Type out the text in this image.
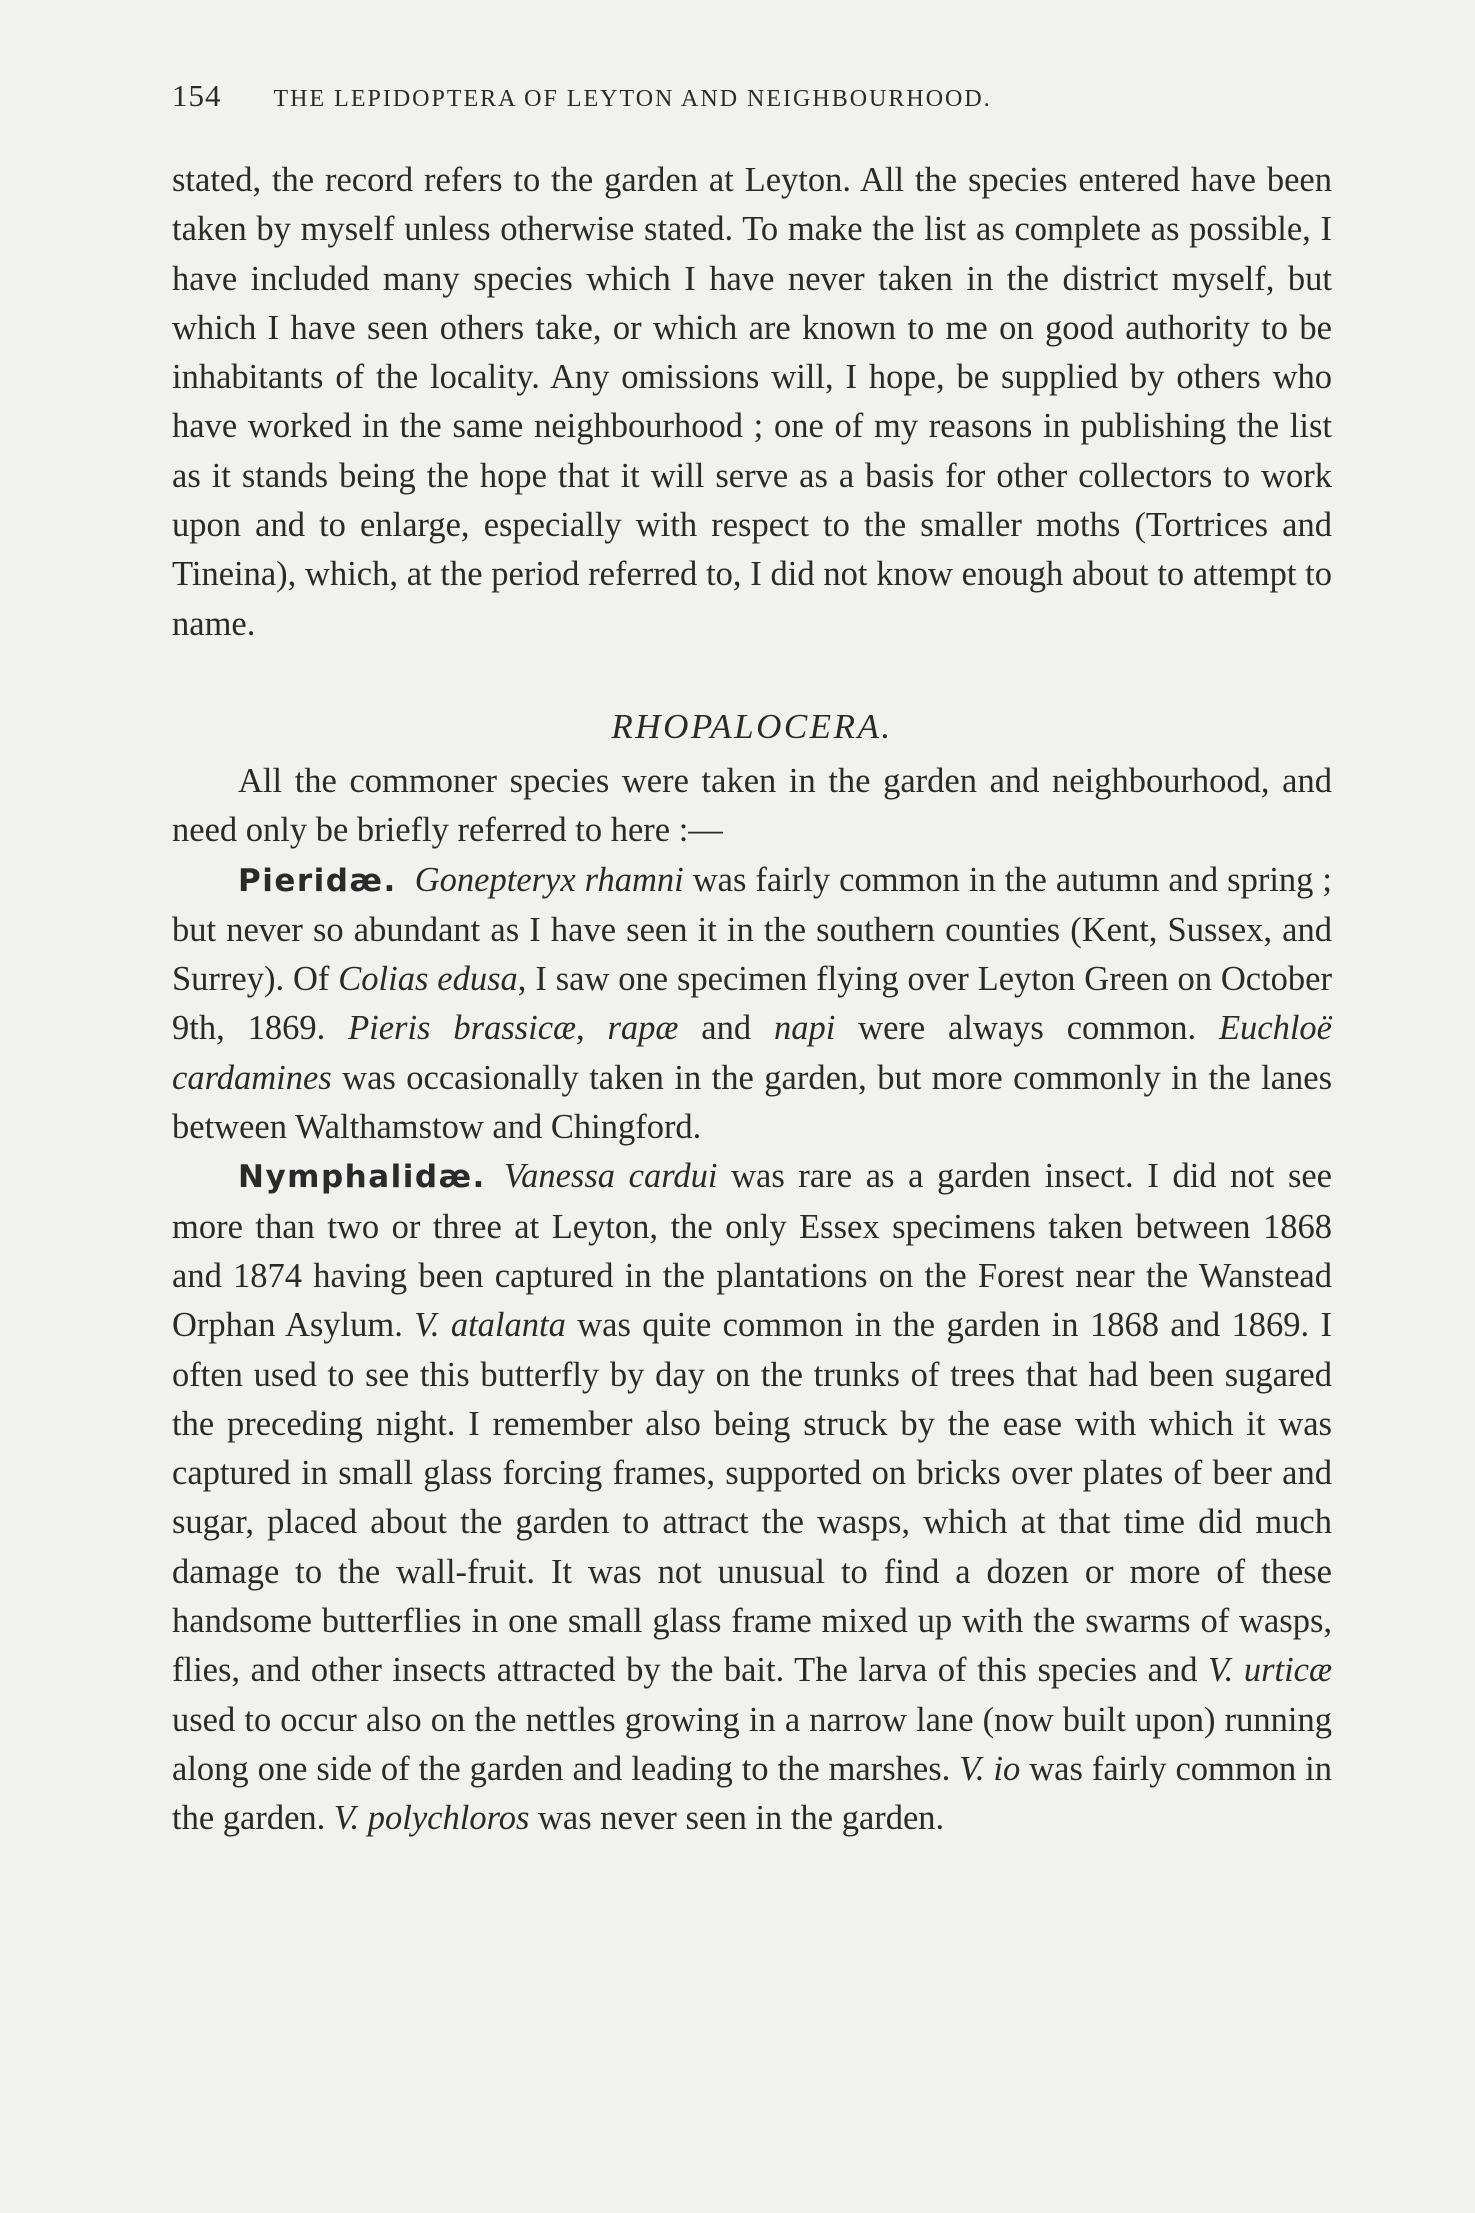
154 THE LEPIDOPTERA OF LEYTON AND NEIGHBOURHOOD.

stated, the record refers to the garden at Leyton. All the species entered have been taken by myself unless otherwise stated. To make the list as complete as possible, I have included many species which I have never taken in the district myself, but which I have seen others take, or which are known to me on good authority to be inhabitants of the locality. Any omissions will, I hope, be supplied by others who have worked in the same neighbourhood ; one of my reasons in publishing the list as it stands being the hope that it will serve as a basis for other collectors to work upon and to enlarge, especially with respect to the smaller moths (Tortrices and Tineina), which, at the period referred to, I did not know enough about to attempt to name.

RHOPALOCERA.

All the commoner species were taken in the garden and neighbourhood, and need only be briefly referred to here :—

Pieridæ. Gonepteryx rhamni was fairly common in the autumn and spring ; but never so abundant as I have seen it in the southern counties (Kent, Sussex, and Surrey). Of Colias edusa, I saw one specimen flying over Leyton Green on October 9th, 1869. Pieris brassicæ, rapæ and napi were always common. Euchloë cardamines was occasionally taken in the garden, but more commonly in the lanes between Walthamstow and Chingford.

Nymphalidæ. Vanessa cardui was rare as a garden insect. I did not see more than two or three at Leyton, the only Essex specimens taken between 1868 and 1874 having been captured in the plantations on the Forest near the Wanstead Orphan Asylum. V. atalanta was quite common in the garden in 1868 and 1869. I often used to see this butterfly by day on the trunks of trees that had been sugared the preceding night. I remember also being struck by the ease with which it was captured in small glass forcing frames, supported on bricks over plates of beer and sugar, placed about the garden to attract the wasps, which at that time did much damage to the wall-fruit. It was not unusual to find a dozen or more of these handsome butterflies in one small glass frame mixed up with the swarms of wasps, flies, and other insects attracted by the bait. The larva of this species and V. urticæ used to occur also on the nettles growing in a narrow lane (now built upon) running along one side of the garden and leading to the marshes. V. io was fairly common in the garden. V. polychloros was never seen in the garden.
